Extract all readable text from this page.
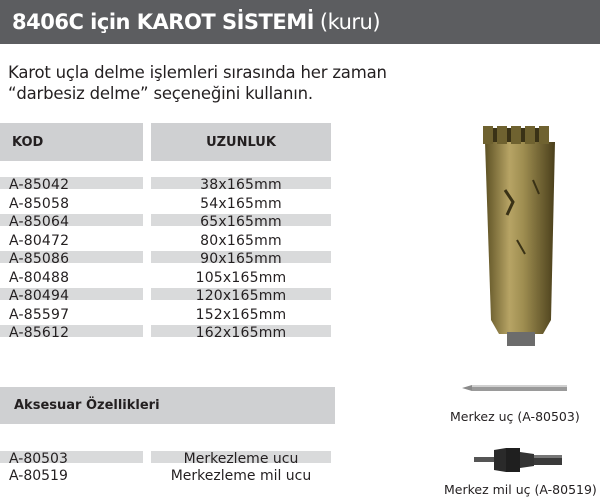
8406C için KAROT SİSTEMİ (kuru)
Karot uçla delme işlemleri sırasında her zaman
“darbesiz delme” seçeneğini kullanın.
KOD	UZUNLUK
A-85042	38x165mm
A-85058	54x165mm
A-85064	65x165mm
A-80472	80x165mm
A-85086	90x165mm
A-80488	105x165mm
A-80494	120x165mm
A-85597	152x165mm
A-85612	162x165mm
Aksesuar Özellikleri
A-80503	Merkezleme ucu
A-80519	Merkezleme mil ucu
Merkez uç (A-80503)
Merkez mil uç (A-80519)
